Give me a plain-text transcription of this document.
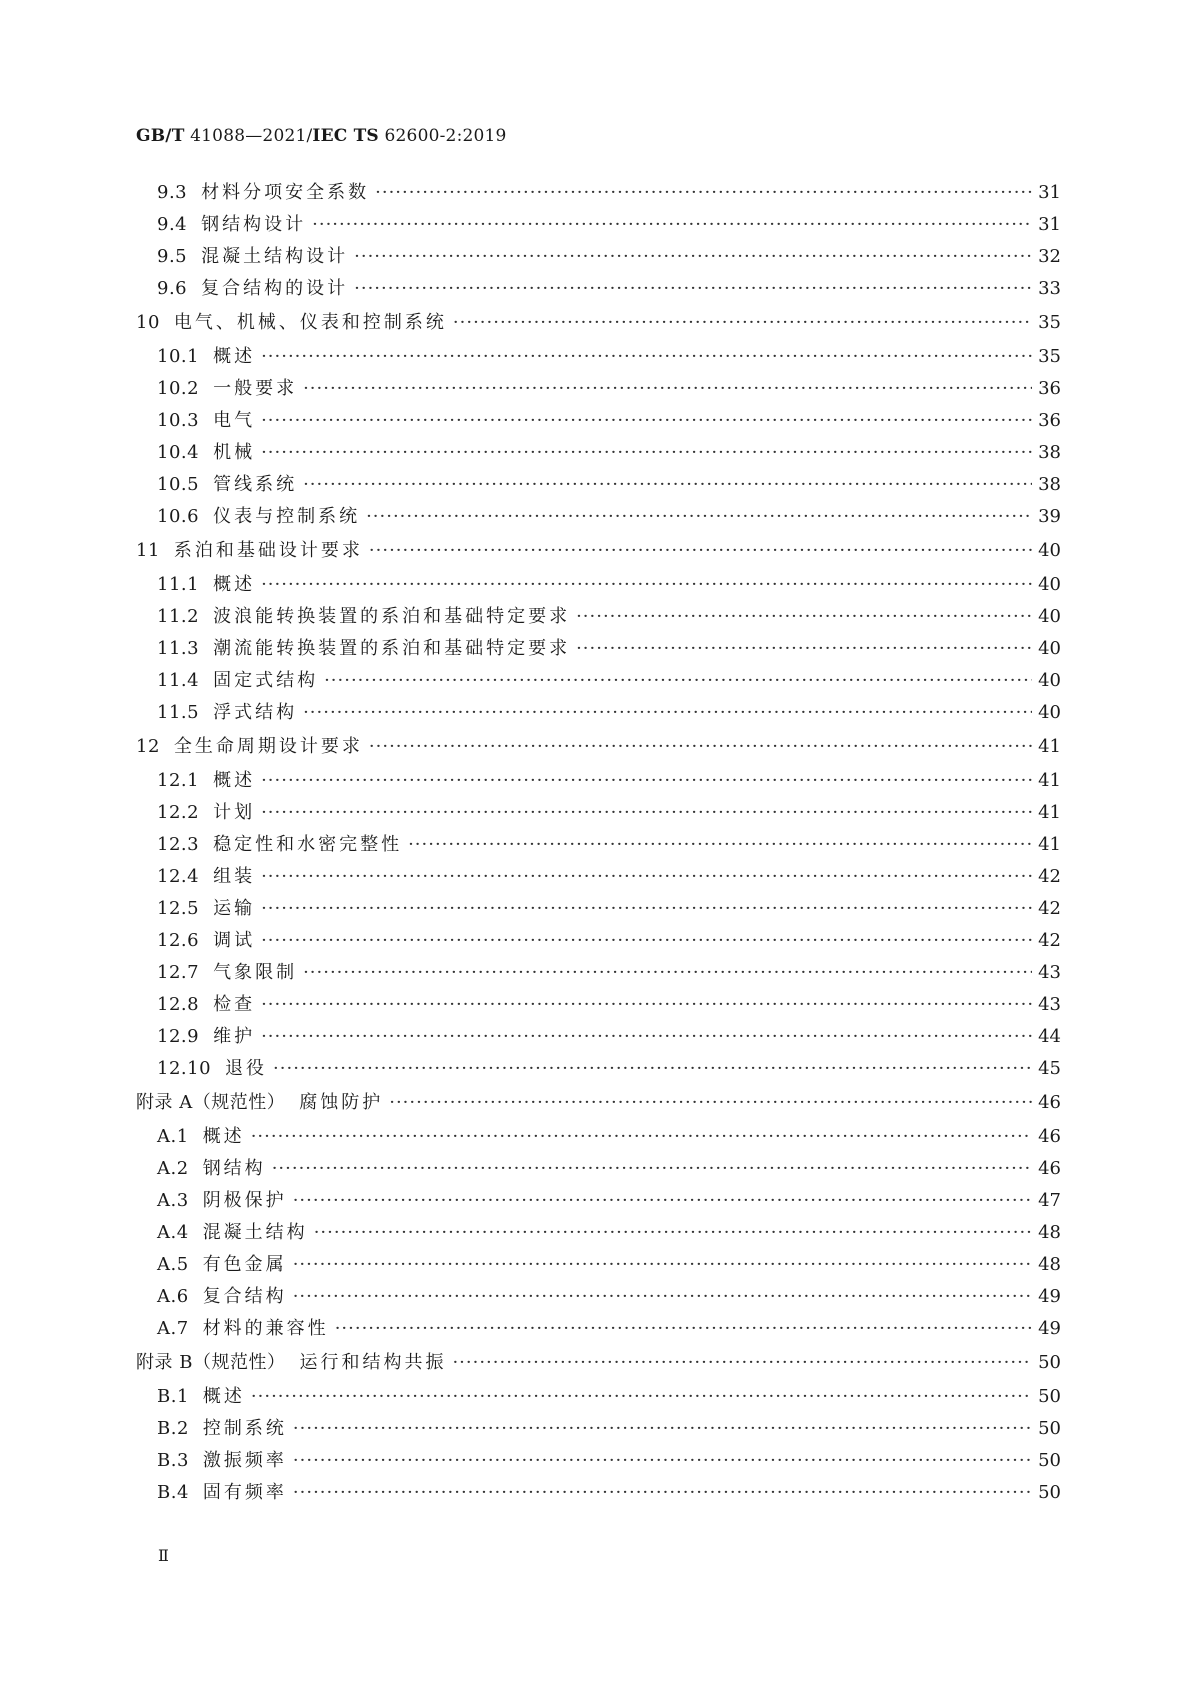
GB/T 41088—2021/IEC TS 62600-2:2019
9.3 材料分项安全系数 ·····	31
9.4 钢结构设计 ·····	31
9.5 混凝土结构设计 ·····	32
9.6 复合结构的设计 ·····	33
10 电气、机械、仪表和控制系统 ·····	35
10.1 概述 ·····	35
10.2 一般要求 ·····	36
10.3 电气 ·····	36
10.4 机械 ·····	38
10.5 管线系统 ·····	38
10.6 仪表与控制系统 ·····	39
11 系泊和基础设计要求 ·····	40
11.1 概述 ·····	40
11.2 波浪能转换装置的系泊和基础特定要求 ·····	40
11.3 潮流能转换装置的系泊和基础特定要求 ·····	40
11.4 固定式结构 ·····	40
11.5 浮式结构 ·····	40
12 全生命周期设计要求 ·····	41
12.1 概述 ·····	41
12.2 计划 ·····	41
12.3 稳定性和水密完整性 ·····	41
12.4 组装 ·····	42
12.5 运输 ·····	42
12.6 调试 ·····	42
12.7 气象限制 ·····	43
12.8 检查 ·····	43
12.9 维护 ·····	44
12.10 退役 ·····	45
附录 A（规范性） 腐蚀防护 ·····	46
A.1 概述 ·····	46
A.2 钢结构 ·····	46
A.3 阴极保护 ·····	47
A.4 混凝土结构 ·····	48
A.5 有色金属 ·····	48
A.6 复合结构 ·····	49
A.7 材料的兼容性 ·····	49
附录 B（规范性） 运行和结构共振 ·····	50
B.1 概述 ·····	50
B.2 控制系统 ·····	50
B.3 激振频率 ·····	50
B.4 固有频率 ·····	50
Ⅱ
